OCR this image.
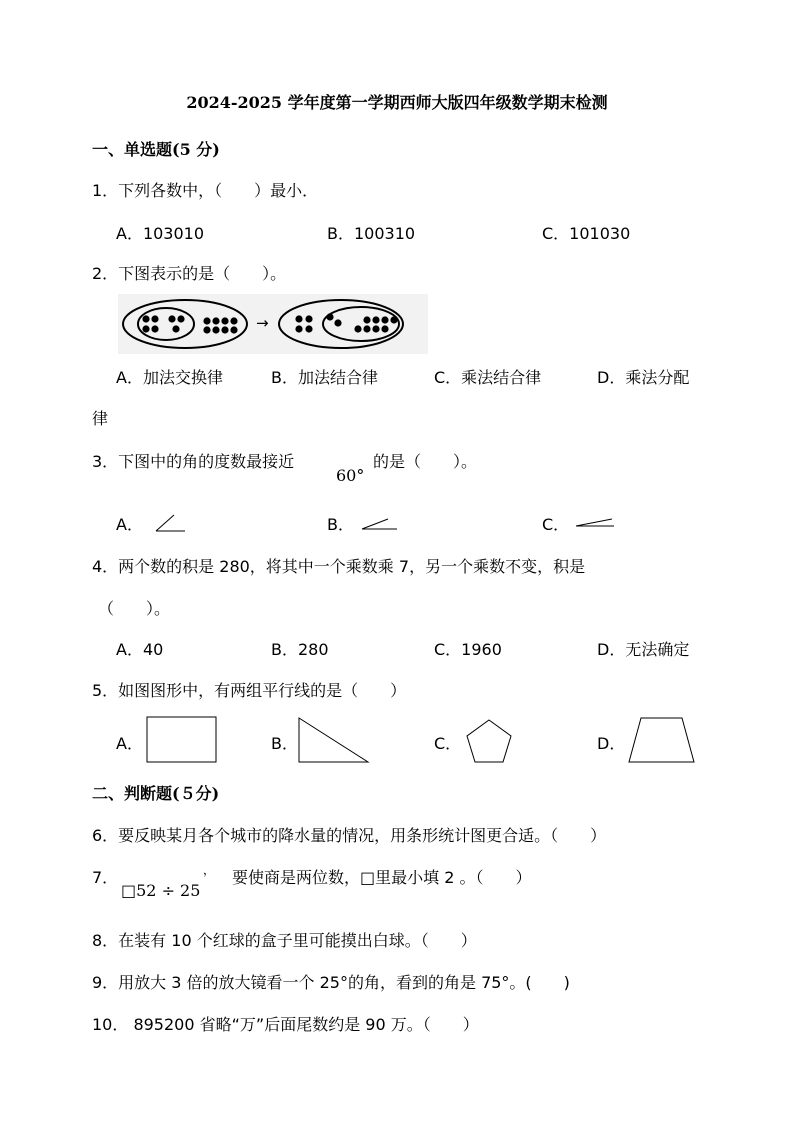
2024-2025 学年度第一学期西师大版四年级数学期末检测
一、单选题(5 分)
1．下列各数中，（　　）最小．
A．103010	B．100310	C．101030
2．下图表示的是（　　）。
→
A．加法交换律	B．加法结合律	C．乘法结合律	D．乘法分配
律
3．下图中的角的度数最接近
60°
的是（　　）。
A．	B．	C．
4．两个数的积是 280，将其中一个乘数乘 7，另一个乘数不变，积是
（　　）。
A．40	B．280	C．1960	D．无法确定
5．如图图形中，有两组平行线的是（　　）
A．	B．	C．	D．
二、判断题(５分)
6．要反映某月各个城市的降水量的情况，用条形统计图更合适。（　　）
7．
□52 ÷ 25
， 要使商是两位数，□里最小填 2 。（　　）
8．在装有 10 个红球的盒子里可能摸出白球。（　　）
9．用放大 3 倍的放大镜看一个 25°的角，看到的角是 75°。(　　)
10． 895200 省略“万”后面尾数约是 90 万。（　　）
